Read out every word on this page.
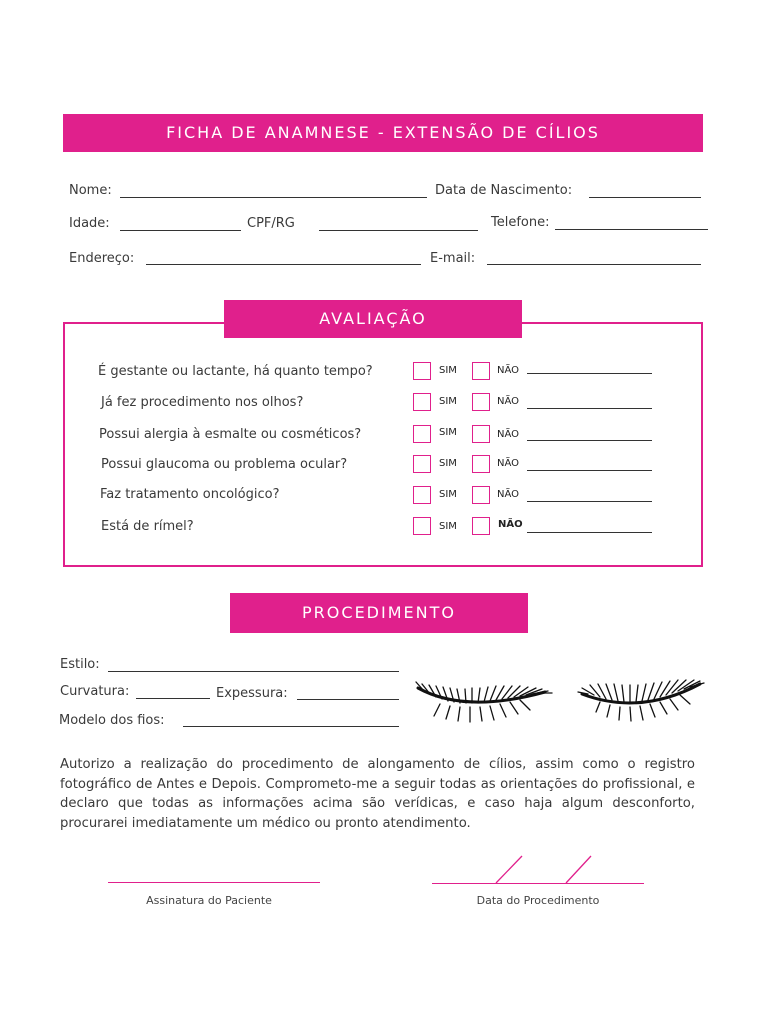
FICHA DE ANAMNESE - EXTENSÃO DE CÍLIOS
Nome:	Data de Nascimento:
Idade:	CPF/RG	Telefone:
Endereço:	E-mail:
AVALIAÇÃO
É gestante ou lactante, há quanto tempo?	SIM	NÃO
Já fez procedimento nos olhos?	SIM	NÃO
Possui alergia à esmalte ou cosméticos?	SIM	NÃO
Possui glaucoma ou problema ocular?	SIM	NÃO
Faz tratamento oncológico?	SIM	NÃO
Está de rímel?	SIM	NÃO
PROCEDIMENTO
Estilo:
Curvatura:	Expessura:
Modelo dos fios:
Autorizo a realização do procedimento de alongamento de cílios, assim como o registro fotográfico de Antes e Depois. Comprometo-me a seguir todas as orientações do profissional, e declaro que todas as informações acima são verídicas, e caso haja algum desconforto, procurarei imediatamente um médico ou pronto atendimento.
Assinatura do Paciente	Data do Procedimento
